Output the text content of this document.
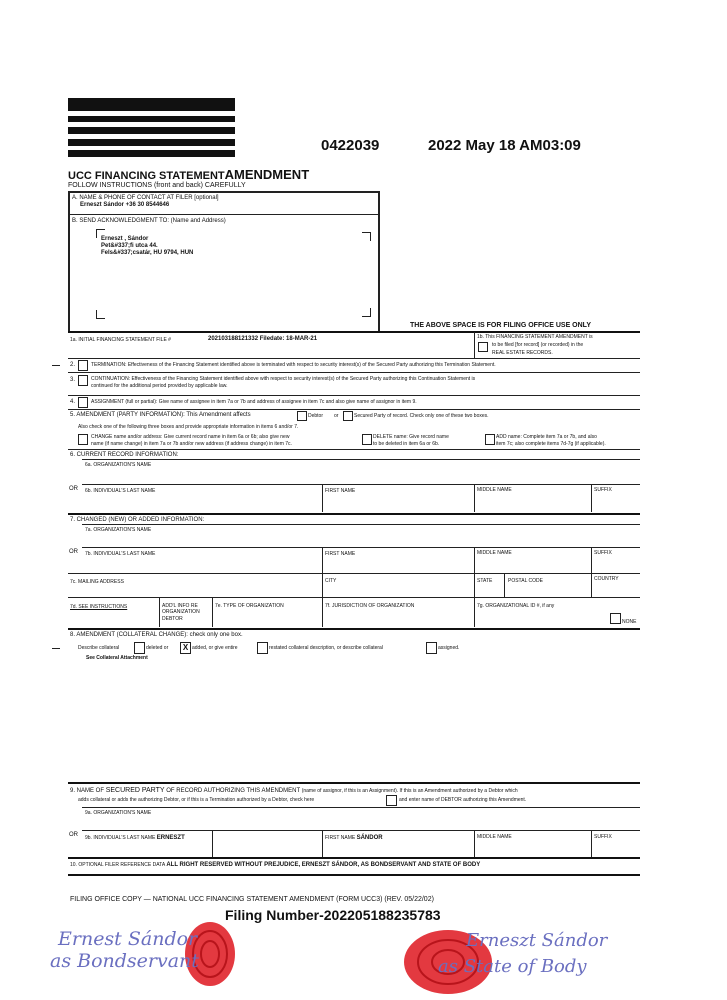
0422039	2022 May 18 AM03:09
UCC FINANCING STATEMENTAMENDMENT
FOLLOW INSTRUCTIONS (front and back) CAREFULLY
A. NAME & PHONE OF CONTACT AT FILER [optional]
Erneszt Sándor +36 30 8544646
B. SEND ACKNOWLEDGMENT TO: (Name and Address)
Erneszt , Sándor
Pet&#337;fi utca 44.
Fels&#337;csatár, HU 9794, HUN
THE ABOVE SPACE IS FOR FILING OFFICE USE ONLY
1a. INITIAL FINANCING STATEMENT FILE #	202103188121332 Filedate: 18-MAR-21	1b. This FINANCING STATEMENT AMENDMENT is
to be filed [for record] (or recorded) in the
REAL ESTATE RECORDS.
2.	TERMINATION: Effectiveness of the Financing Statement identified above is terminated with respect to security interest(s) of the Secured Party authorizing this Termination Statement.
3.	CONTINUATION: Effectiveness of the Financing Statement identified above with respect to security interest(s) of the Secured Party authorizing this Continuation Statement is
continued for the additional period provided by applicable law.
4.	ASSIGNMENT (full or partial): Give name of assignee in item 7a or 7b and address of assignee in item 7c and also give name of assignor in item 9.
5. AMENDMENT (PARTY INFORMATION): This Amendment affects	Debtor or	Secured Party of record. Check only one of these two boxes.
Also check one of the following three boxes and provide appropriate information in items 6 and/or 7.
CHANGE name and/or address: Give current record name in item 6a or 6b; also give new
name (if name change) in item 7a or 7b and/or new address (if address change) in item 7c.
DELETE name: Give record name
to be deleted in item 6a or 6b.
ADD name: Complete item 7a or 7b, and also
item 7c; also complete items 7d-7g (if applicable).
6. CURRENT RECORD INFORMATION:
6a. ORGANIZATION'S NAME
OR 6b. INDIVIDUAL'S LAST NAME	FIRST NAME	MIDDLE NAME	SUFFIX
7. CHANGED (NEW) OR ADDED INFORMATION:
7a. ORGANIZATION'S NAME
OR 7b. INDIVIDUAL'S LAST NAME	FIRST NAME	MIDDLE NAME	SUFFIX
7c. MAILING ADDRESS	CITY	STATE	POSTAL CODE	COUNTRY
7d. SEE INSTRUCTIONS	ADD'L INFO RE
ORGANIZATION
DEBTOR
7e. TYPE OF ORGANIZATION	7f. JURISDICTION OF ORGANIZATION	7g. ORGANIZATIONAL ID #, if any
NONE
8. AMENDMENT (COLLATERAL CHANGE): check only one box.
Describe collateral	deleted or	X added, or give entire	restated collateral description, or describe collateral	assigned.
See Collateral Attachment
9. NAME OF SECURED PARTY OF RECORD AUTHORIZING THIS AMENDMENT (name of assignor, if this is an Assignment). If this is an Amendment authorized by a Debtor which
adds collateral or adds the authorizing Debtor, or if this is a Termination authorized by a Debtor, check here	and enter name of DEBTOR authorizing this Amendment.
9a. ORGANIZATION'S NAME
OR 9b. INDIVIDUAL'S LAST NAME ERNESZT	FIRST NAME SÁNDOR	MIDDLE NAME	SUFFIX
10. OPTIONAL FILER REFERENCE DATA ALL RIGHT RESERVED WITHOUT PREJUDICE, ERNESZT SÁNDOR, AS BONDSERVANT AND STATE OF BODY
FILING OFFICE COPY — NATIONAL UCC FINANCING STATEMENT AMENDMENT (FORM UCC3) (REV. 05/22/02)
Filing Number-202205188235783
Ernest Sándor
as Bondservant
Erneszt Sándor
as State of Body
